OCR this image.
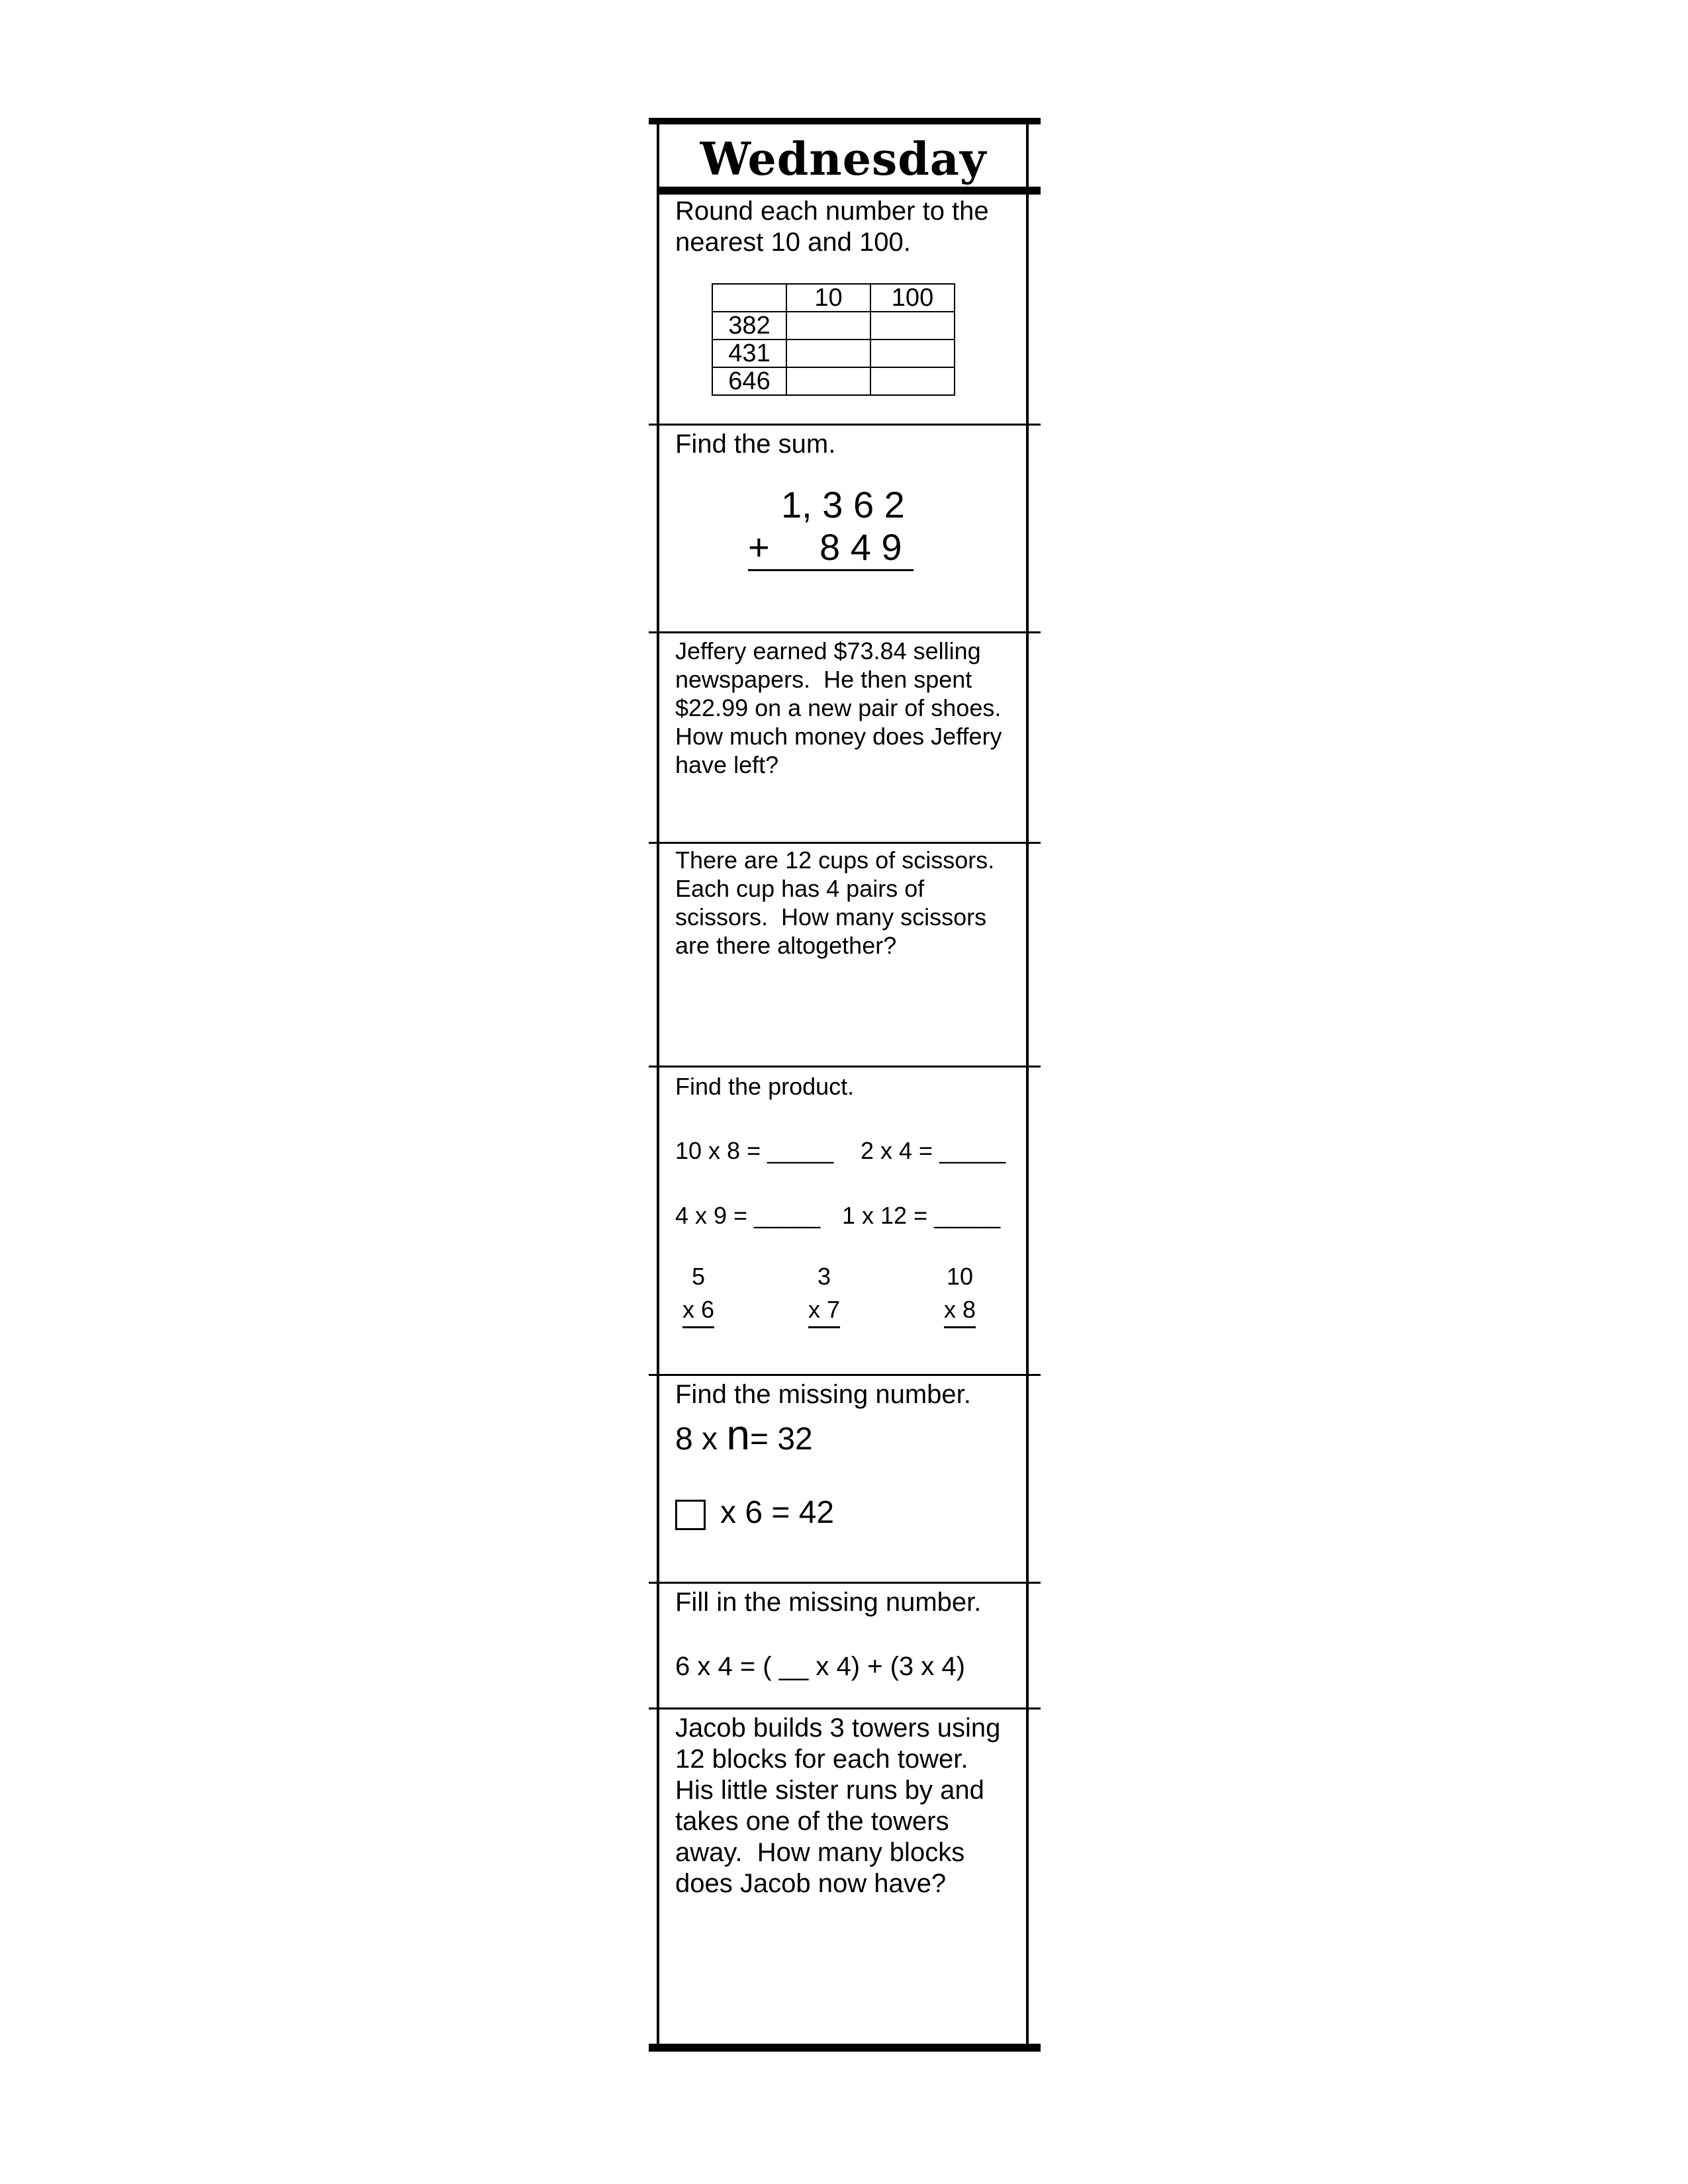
Wednesday

Round each number to the nearest 10 and 100.

	10	100
382		
431		
646		

Find the sum.

1, 3 6 2
+ 8 4 9

Jeffery earned $73.84 selling newspapers.  He then spent $22.99 on a new pair of shoes.  How much money does Jeffery have left?

There are 12 cups of scissors.  Each cup has 4 pairs of scissors.  How many scissors are there altogether?

Find the product.

10 x 8 = _____ 2 x 4 = _____
4 x 9 = _____ 1 x 12 = _____
5
x 6
3
x 7
10
x 8

Find the missing number.

8 x n= 32
x 6 = 42

Fill in the missing number.

6 x 4 = ( __ x 4) + (3 x 4)

Jacob builds 3 towers using 12 blocks for each tower.  His little sister runs by and takes one of the towers away.  How many blocks does Jacob now have?
